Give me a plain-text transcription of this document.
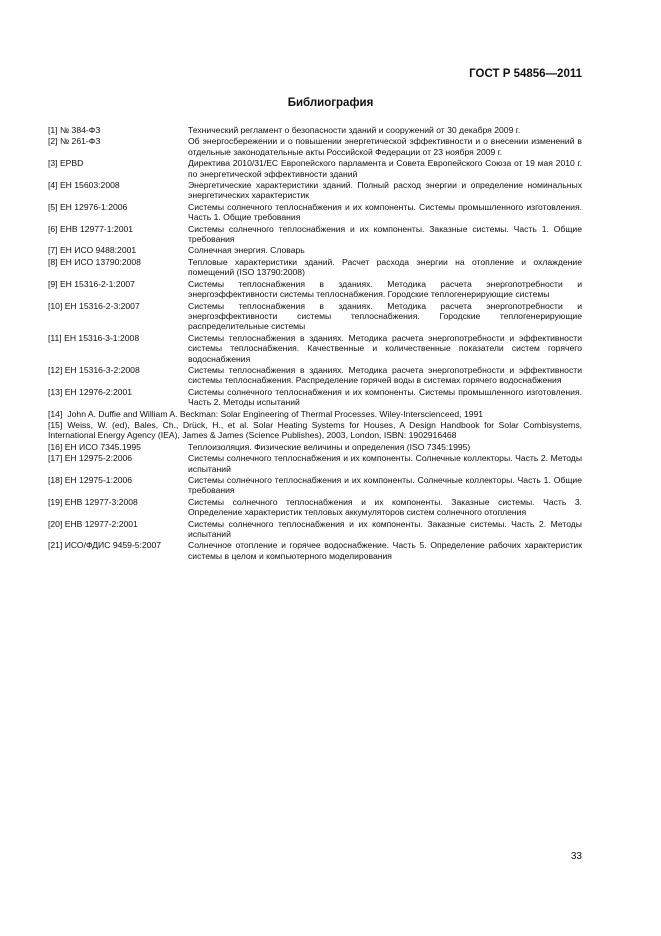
ГОСТ Р 54856—2011
Библиография
[1] № 384-ФЗ	Технический регламент о безопасности зданий и сооружений от 30 декабря 2009 г.
[2] № 261-ФЗ	Об энергосбережении и о повышении энергетической эффективности и о внесении изменений в отдельные законодательные акты Российской Федерации от 23 ноября 2009 г.
[3] EPBD	Директива 2010/31/ЕС Европейского парламента и Совета Европейского Союза от 19 мая 2010 г. по энергетической эффективности зданий
[4] ЕН 15603:2008	Энергетические характеристики зданий. Полный расход энергии и определение номинальных энергетических характеристик
[5] ЕН 12976-1:2006	Системы солнечного теплоснабжения и их компоненты. Системы промышленного изготовления. Часть 1. Общие требования
[6] ЕНВ 12977-1:2001	Системы солнечного теплоснабжения и их компоненты. Заказные системы. Часть 1. Общие требования
[7] ЕН ИСО 9488:2001	Солнечная энергия. Словарь
[8] ЕН ИСО 13790:2008	Тепловые характеристики зданий. Расчет расхода энергии на отопление и охлаждение помещений (ISO 13790:2008)
[9] ЕН 15316-2-1:2007	Системы теплоснабжения в зданиях. Методика расчета энергопотребности и энергоэффективности системы теплоснабжения. Городские теплогенерирующие системы
[10] ЕН 15316-2-3:2007	Системы теплоснабжения в зданиях. Методика расчета энергопотребности и энергоэффективности системы теплоснабжения. Городские теплогенерирующие распределительные системы
[11] ЕН 15316-3-1:2008	Системы теплоснабжения в зданиях. Методика расчета энергопотребности и эффективности системы теплоснабжения. Качественные и количественные показатели систем горячего водоснабжения
[12] ЕН 15316-3-2:2008	Системы теплоснабжения в зданиях. Методика расчета энергопотребности и эффективности системы теплоснабжения. Распределение горячей воды в системах горячего водоснабжения
[13] ЕН 12976-2:2001	Системы солнечного теплоснабжения и их компоненты. Системы промышленного изготовления. Часть 2. Методы испытаний
[14] John A. Duffie and William A. Beckman: Solar Engineering of Thermal Processes. Wiley-Intersciencеed, 1991
[15] Weiss, W. (ed), Bales, Ch., Drück, H., et al. Solar Heating Systems for Houses, A Design Handbook for Solar Combisystems, International Energy Agency (IEA), James & James (Science Publishes), 2003, London, ISBN: 1902916468
[16] ЕН ИСО 7345.1995	Теплоизоляция. Физические величины и определения (ISO 7345:1995)
[17] ЕН 12975-2:2006	Системы солнечного теплоснабжения и их компоненты. Солнечные коллекторы. Часть 2. Методы испытаний
[18] ЕН 12975-1:2006	Системы солнечного теплоснабжения и их компоненты. Солнечные коллекторы. Часть 1. Общие требования
[19] ЕНВ 12977-3:2008	Системы солнечного теплоснабжения и их компоненты. Заказные системы. Часть 3. Определение характеристик тепловых аккумуляторов систем солнечного отопления
[20] ЕНВ 12977-2:2001	Системы солнечного теплоснабжения и их компоненты. Заказные системы. Часть 2. Методы испытаний
[21] ИСО/ФДИС 9459-5:2007	Солнечное отопление и горячее водоснабжение. Часть 5. Определение рабочих характеристик системы в целом и компьютерного моделирования
33
